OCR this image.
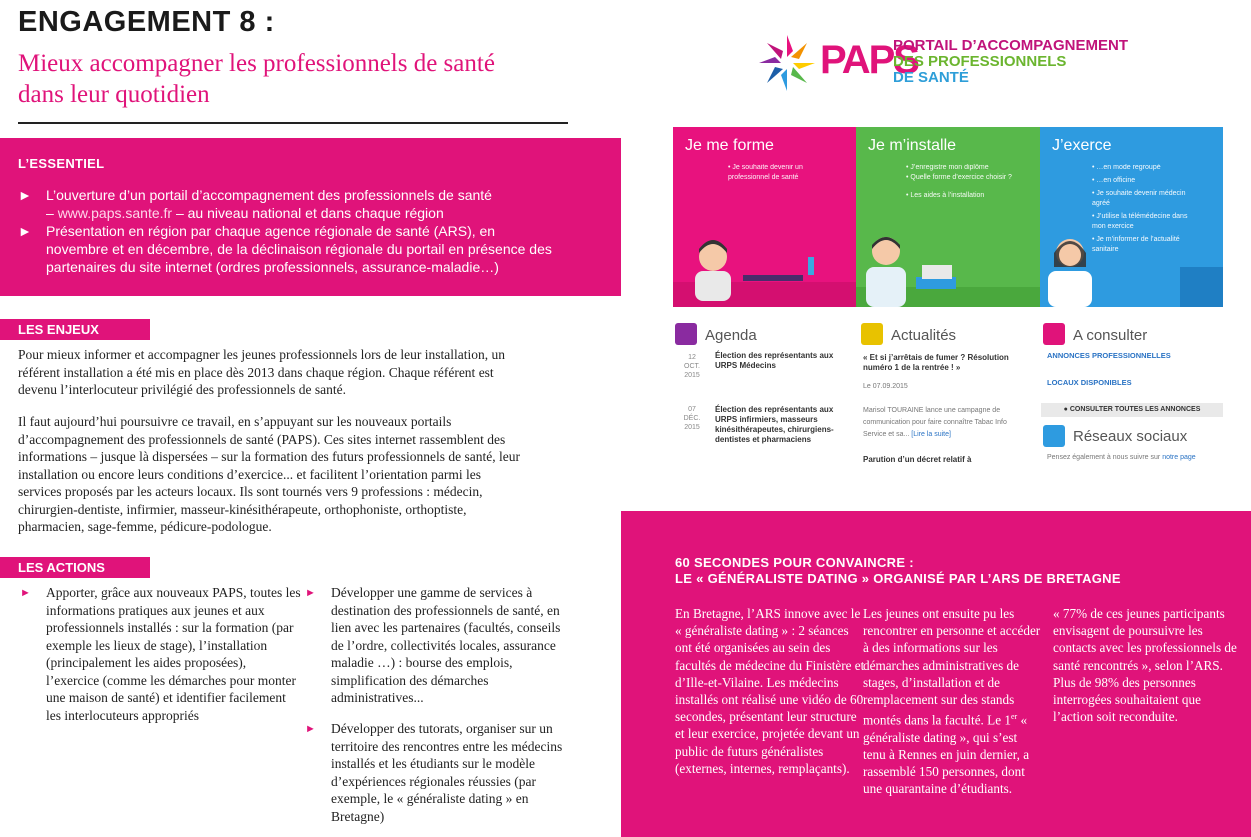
ENGAGEMENT 8 :
Mieux accompagner les professionnels de santé
dans leur quotidien
L’ESSENTIEL
► L’ouverture d’un portail d’accompagnement des professionnels de santé
– www.paps.sante.fr – au niveau national et dans chaque région
► Présentation en région par chaque agence régionale de santé (ARS), en novembre et en décembre, de la déclinaison régionale du portail en présence des partenaires du site internet (ordres professionnels, assurance-maladie…)
LES ENJEUX
Pour mieux informer et accompagner les jeunes professionnels lors de leur installation, un référent installation a été mis en place dès 2013 dans chaque région. Chaque référent est devenu l’interlocuteur privilégié des professionnels de santé.
Il faut aujourd’hui poursuivre ce travail, en s’appuyant sur les nouveaux portails d’accompagnement des professionnels de santé (PAPS). Ces sites internet rassemblent des informations – jusque là dispersées – sur la formation des futurs professionnels de santé, leur installation ou encore leurs conditions d’exercice... et facilitent l’orientation parmi les services proposés par les acteurs locaux. Ils sont tournés vers 9 professions : médecin, chirurgien-dentiste, infirmier, masseur-kinésithérapeute, orthophoniste, orthoptiste, pharmacien, sage-femme, pédicure-podologue.
LES ACTIONS
► Apporter, grâce aux nouveaux PAPS, toutes les informations pratiques aux jeunes et aux professionnels installés : sur la formation (par exemple les lieux de stage), l’installation (principalement les aides proposées), l’exercice (comme les démarches pour monter une maison de santé) et identifier facilement les interlocuteurs appropriés
► Développer une gamme de services à destination des professionnels de santé, en lien avec les partenaires (facultés, conseils de l’ordre, collectivités locales, assurance maladie …) : bourse des emplois, simplification des démarches administratives...
► Développer des tutorats, organiser sur un territoire des rencontres entre les médecins installés et les étudiants sur le modèle d’expériences régionales réussies (par exemple, le « généraliste dating » en Bretagne)
PAPS
PORTAIL D’ACCOMPAGNEMENT
DES PROFESSIONNELS
DE SANTÉ
Je me forme
• Je souhaite devenir un
professionnel de santé
Je m’installe
• J’enregistre mon diplôme
• Quelle forme d’exercice choisir ?
• Les aides à l’installation
J’exerce
• …en mode regroupé
• …en officine
• Je souhaite devenir médecin
agréé
• J’utilise la télémédecine dans
mon exercice
• Je m’informer de l’actualité
sanitaire
Agenda
12
OCT.
2015
Élection des représentants aux URPS Médecins
07
DÉC.
2015
Élection des représentants aux URPS infirmiers, masseurs kinésithérapeutes, chirurgiens-dentistes et pharmaciens
Actualités
« Et si j’arrêtais de fumer ? Résolution numéro 1 de la rentrée ! »
Le 07.09.2015
Marisol TOURAINE lance une campagne de communication pour faire connaître Tabac Info Service et sa... [Lire la suite]
Parution d’un décret relatif à
A consulter
ANNONCES PROFESSIONNELLES
LOCAUX DISPONIBLES
● CONSULTER TOUTES LES ANNONCES
Réseaux sociaux
Pensez également à nous suivre sur notre page
60 SECONDES POUR CONVAINCRE :
LE « GÉNÉRALISTE DATING » ORGANISÉ PAR L’ARS DE BRETAGNE
En Bretagne, l’ARS innove avec le « généraliste dating » : 2 séances ont été organisées au sein des facultés de médecine du Finistère et d’Ille-et-Vilaine. Les médecins installés ont réalisé une vidéo de 60 secondes, présentant leur structure et leur exercice, projetée devant un public de futurs généralistes (externes, internes, remplaçants).
Les jeunes ont ensuite pu les rencontrer en personne et accéder à des informations sur les démarches administratives de stages, d’installation et de remplacement sur des stands montés dans la faculté. Le 1er « généraliste dating », qui s’est tenu à Rennes en juin dernier, a rassemblé 150 personnes, dont une quarantaine d’étudiants.
« 77% de ces jeunes participants envisagent de poursuivre les contacts avec les professionnels de santé rencontrés », selon l’ARS. Plus de 98% des personnes interrogées souhaitaient que l’action soit reconduite.
